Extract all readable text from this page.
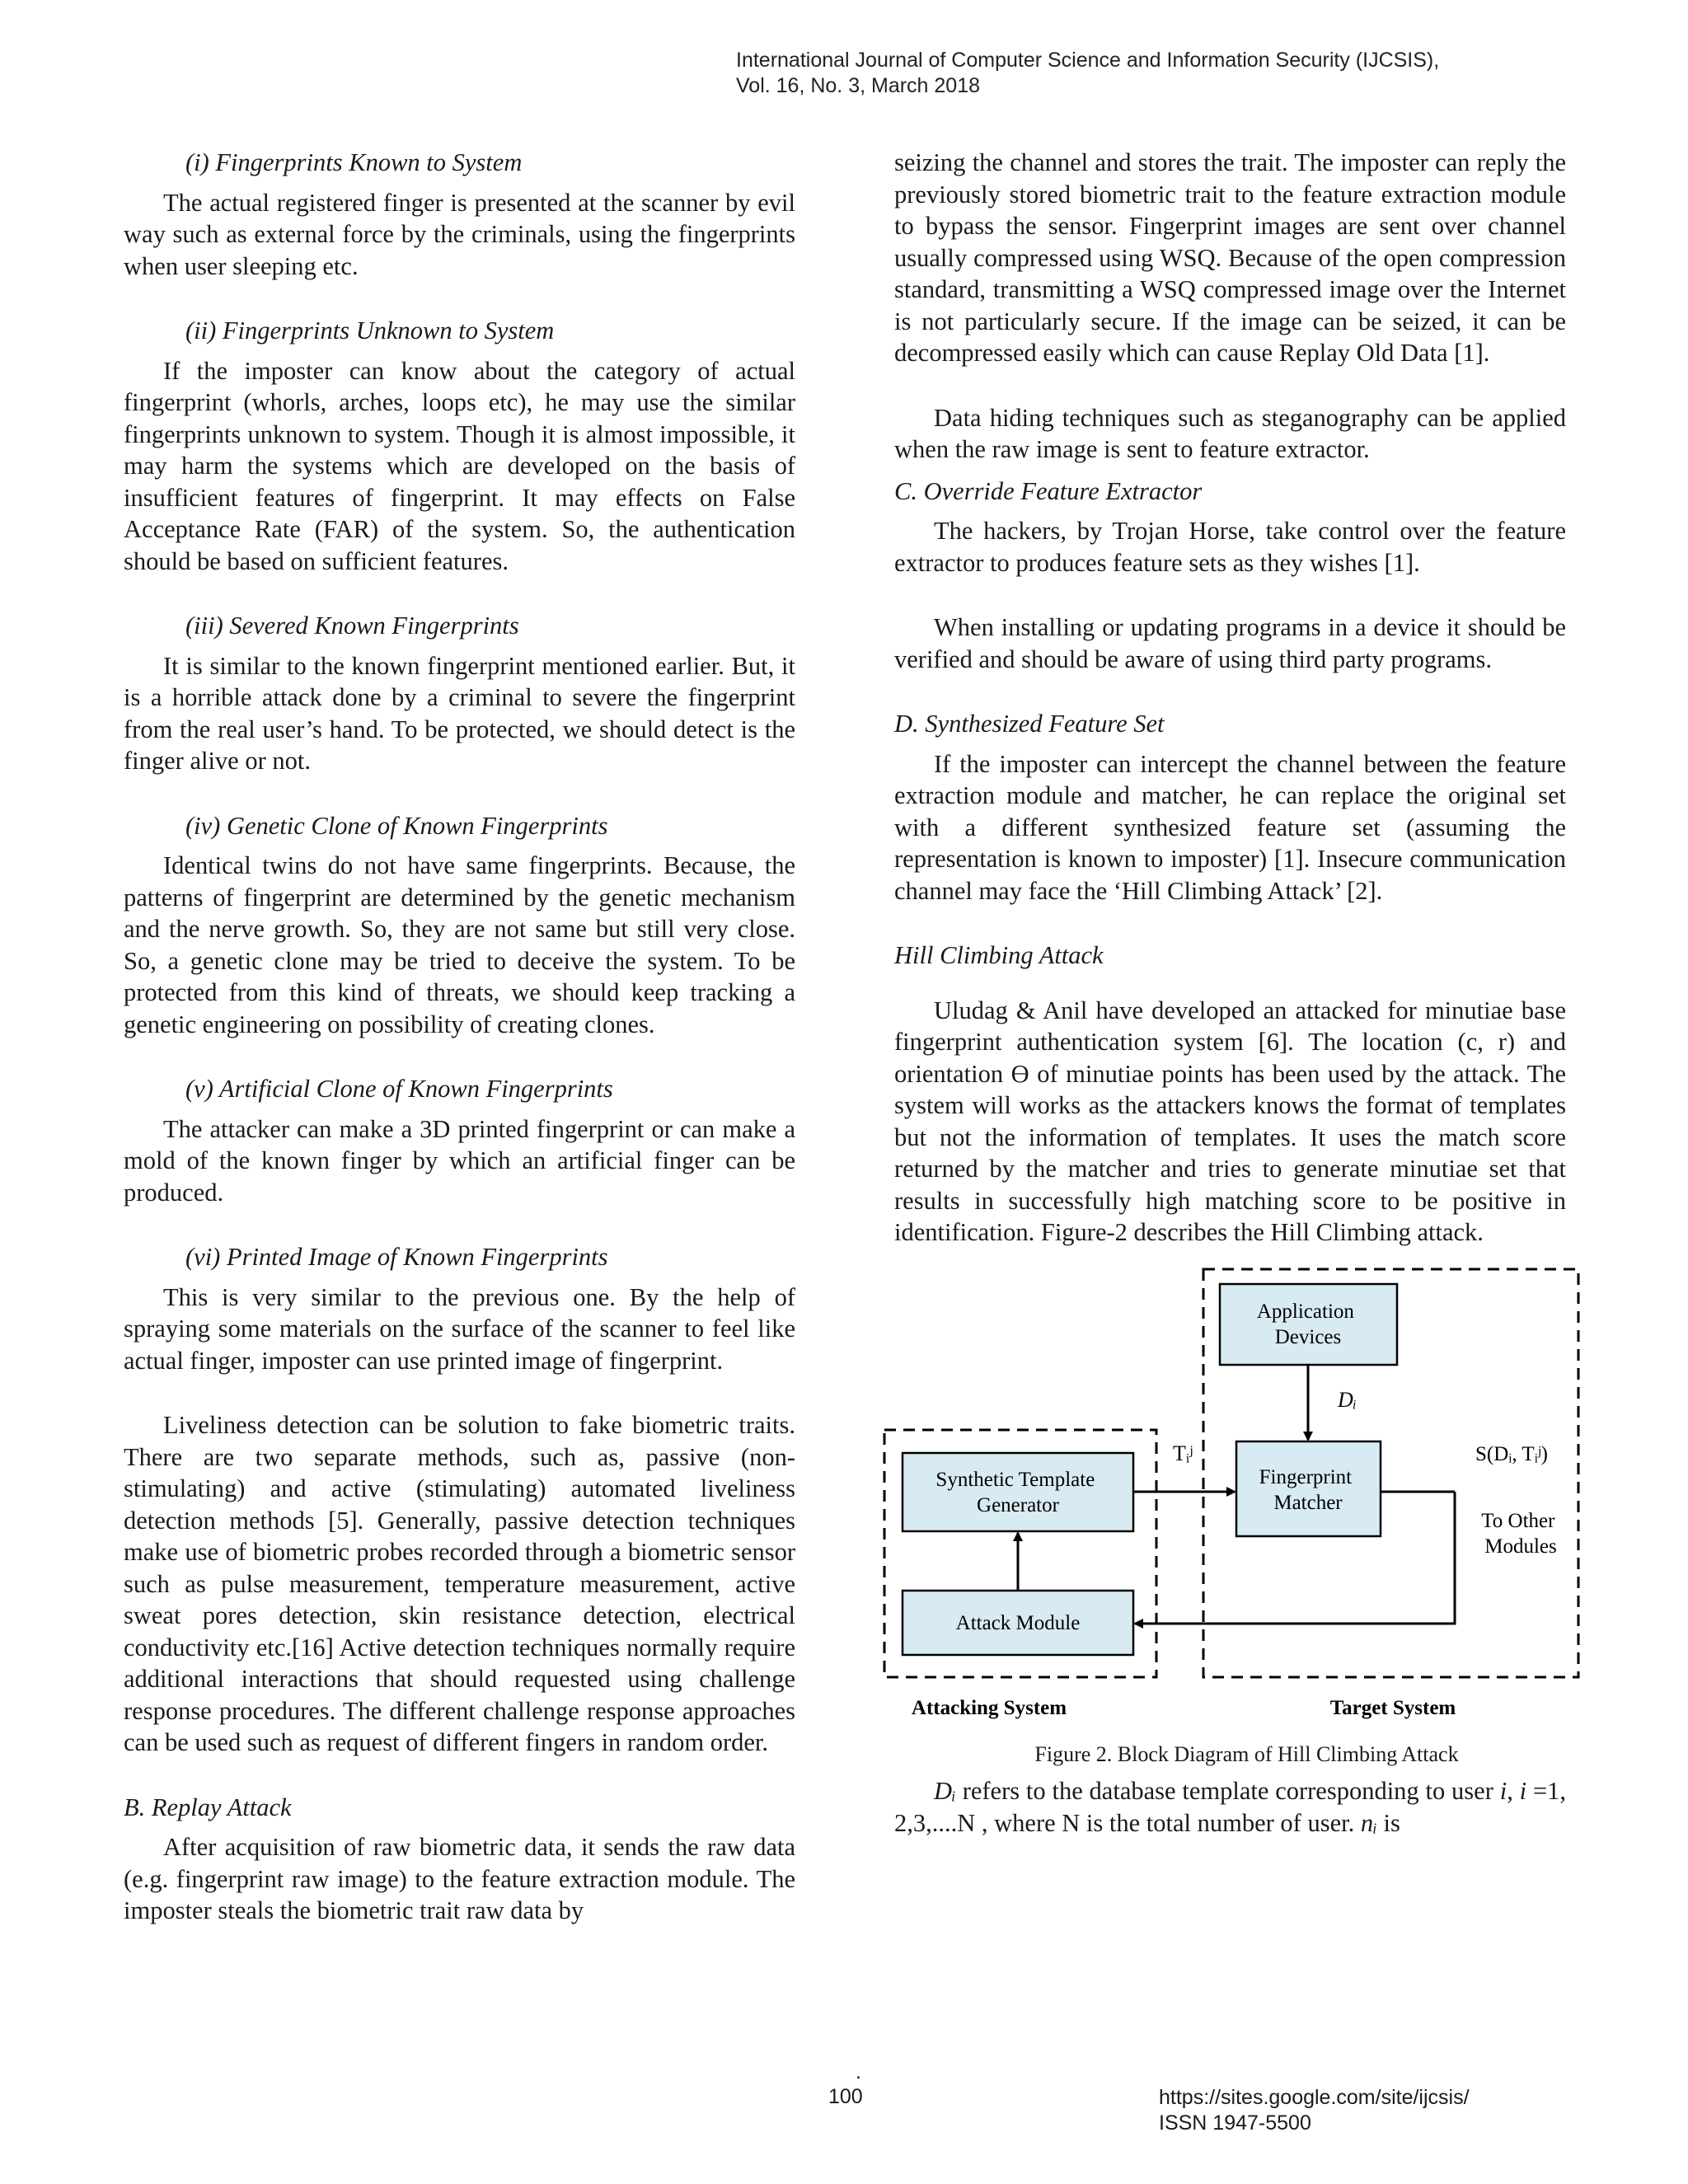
International Journal of Computer Science and Information Security (IJCSIS),
Vol. 16, No. 3, March 2018

(i) Fingerprints Known to System

The actual registered finger is presented at the scanner by evil way such as external force by the criminals, using the fingerprints when user sleeping etc.

(ii) Fingerprints Unknown to System

If the imposter can know about the category of actual fingerprint (whorls, arches, loops etc), he may use the similar fingerprints unknown to system. Though it is almost impossible, it may harm the systems which are developed on the basis of insufficient features of fingerprint. It may effects on False Acceptance Rate (FAR) of the system. So, the authentication should be based on sufficient features.

(iii) Severed Known Fingerprints

It is similar to the known fingerprint mentioned earlier. But, it is a horrible attack done by a criminal to severe the fingerprint from the real user’s hand. To be protected, we should detect is the finger alive or not.

(iv) Genetic Clone of Known Fingerprints

Identical twins do not have same fingerprints. Because, the patterns of fingerprint are determined by the genetic mechanism and the nerve growth. So, they are not same but still very close. So, a genetic clone may be tried to deceive the system. To be protected from this kind of threats, we should keep tracking a genetic engineering on possibility of creating clones.

(v) Artificial Clone of Known Fingerprints

The attacker can make a 3D printed fingerprint or can make a mold of the known finger by which an artificial finger can be produced.

(vi) Printed Image of Known Fingerprints

This is very similar to the previous one. By the help of spraying some materials on the surface of the scanner to feel like actual finger, imposter can use printed image of fingerprint.

Liveliness detection can be solution to fake biometric traits. There are two separate methods, such as, passive (non-stimulating) and active (stimulating) automated liveliness detection methods [5]. Generally, passive detection techniques make use of biometric probes recorded through a biometric sensor such as pulse measurement, temperature measurement, active sweat pores detection, skin resistance detection, electrical conductivity etc.[16] Active detection techniques normally require additional interactions that should requested using challenge response procedures. The different challenge response approaches can be used such as request of different fingers in random order.

B. Replay Attack

After acquisition of raw biometric data, it sends the raw data (e.g. fingerprint raw image) to the feature extraction module. The imposter steals the biometric trait raw data by

seizing the channel and stores the trait. The imposter can reply the previously stored biometric trait to the feature extraction module to bypass the sensor. Fingerprint images are sent over channel usually compressed using WSQ. Because of the open compression standard, transmitting a WSQ compressed image over the Internet is not particularly secure. If the image can be seized, it can be decompressed easily which can cause Replay Old Data [1].

Data hiding techniques such as steganography can be applied when the raw image is sent to feature extractor.

C. Override Feature Extractor

The hackers, by Trojan Horse, take control over the feature extractor to produces feature sets as they wishes [1].

When installing or updating programs in a device it should be verified and should be aware of using third party programs.

D. Synthesized Feature Set

If the imposter can intercept the channel between the feature extraction module and matcher, he can replace the original set with a different synthesized feature set (assuming the representation is known to imposter) [1]. Insecure communication channel may face the ‘Hill Climbing Attack’ [2].

Hill Climbing Attack

Uludag & Anil have developed an attacked for minutiae base fingerprint authentication system [6]. The location (c, r) and orientation ϴ of minutiae points has been used by the attack. The system will works as the attackers knows the format of templates but not the information of templates. It uses the match score returned by the matcher and tries to generate minutiae set that results in successfully high matching score to be positive in identification. Figure-2 describes the Hill Climbing attack.

Application Devices
Fingerprint Matcher
Synthetic Template Generator
Attack Module
Dᵢ
Tᵢʲ	S(Dᵢ, Tᵢʲ)
To Other Modules
Attacking System	Target System

Figure 2. Block Diagram of Hill Climbing Attack

Dᵢ refers to the database template corresponding to user i, i =1, 2,3,....N , where N is the total number of user. nᵢ is

.
100	https://sites.google.com/site/ijcsis/
ISSN 1947-5500
